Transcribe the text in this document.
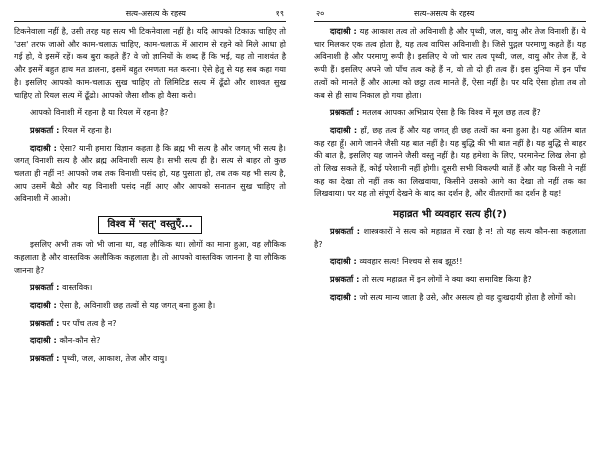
सत्य-असत्य के रहस्य	१९

टिकनेवाला नहीं है, उसी तरह यह सत्य भी टिकनेवाला नहीं है। यदि आपको टिकाऊ चाहिए तो 'उस' तरफ जाओ और काम-चलाऊ चाहिए, काम-चलाऊ में आराम से रहने को मिले आधा हो गई हो, वे इसमें रहें। कब बुरा कहते हैं? वे जो ज्ञानियों के शब्द हैं कि भई, यह तो नाशवंत है और इसमें बहुत हाथ मत डालना, इसमें बहुत रमणता मत करना। ऐसे हेतु से यह सब कहा गया है। इसलिए आपको काम-चलाऊ सुख चाहिए तो लिमिटिड सत्य में ढूँढो और शाश्वत सुख चाहिए तो रियल सत्य में ढूँढो। आपको जैसा शौक हो वैसा करो।

आपको विनाशी में रहना है या रियल में रहना है?

प्रश्नकर्ता : रियल में रहना है।

दादाश्री : ऐसा? यानी हमारा विज्ञान कहता है कि ब्रह्म भी सत्य है और जगत् भी सत्य है। जगत् विनाशी सत्य है और ब्रह्म अविनाशी सत्य है। सभी सत्य ही है। सत्य से बाहर तो कुछ चलता ही नहीं न! आपको जब तक विनाशी पसंद हो, यह पुसाता हो, तब तक यह भी सत्य है, आप उसमें बैठो और यह विनाशी पसंद नहीं आए और आपको सनातन सुख चाहिए तो अविनाशी में आओ।

विश्व में 'सत्' वस्तुएँ...

इसलिए अभी तक जो भी जाना था, वह लौकिक था। लोगों का माना हुआ, वह लौकिक कहलाता है और वास्तविक अलौकिक कहलाता है। तो आपको वास्तविक जानना है या लौकिक जानना है?

प्रश्नकर्ता : वास्तविक।

दादाश्री : ऐसा है, अविनाशी छह तत्वों से यह जगत् बना हुआ है।

प्रश्नकर्ता : पर पाँच तत्व है न?

दादाश्री : कौन-कौन से?

प्रश्नकर्ता : पृथ्वी, जल, आकाश, तेज और वायु।

२०	सत्य-असत्य के रहस्य

दादाश्री : यह आकाश तत्व तो अविनाशी है और पृथ्वी, जल, वायु और तेज विनाशी हैं। ये चार मिलकर एक तत्व होता है, यह तत्व वापिस अविनाशी है। जिसे पुद्गल परमाणु कहते हैं। यह अविनाशी है और परमाणु रूपी है। इसलिए ये जो चार तत्व पृथ्वी, जल, वायु और तेज हैं, वे रूपी हैं। इसलिए अपने जो पाँच तत्व कहे हैं न, वो तो दो ही तत्व हैं। इस दुनिया में इन पाँच तत्वों को मानते हैं और आत्मा को छट्ठा तत्व मानते हैं, ऐसा नहीं है। पर यदि ऐसा होता तब तो कब से ही साथ निकाल हो गया होता।

प्रश्नकर्ता : मतलब आपका अभिप्राय ऐसा है कि विश्व में मूल छह तत्व हैं?

दादाश्री : हाँ, छह तत्व हैं और यह जगत् ही छह तत्वों का बना हुआ है। यह अंतिम बात कह रहा हूँ। आगे जानने जैसी यह बात नहीं है। यह बुद्धि की भी बात नहीं है। यह बुद्धि से बाहर की बात है, इसलिए यह जानने जैसी वस्तु नहीं है। यह हमेशा के लिए, परमानेन्ट लिख लेना हो तो लिख सकते हैं, कोई परेशानी नहीं होगी। दूसरी सभी विकल्पी बातें हैं और यह किसी ने नहीं कह का देखा तो नहीं तक का लिखवाया, किसीने उसको आगे का देखा तो नहीं तक का लिखवाया। पर यह तो संपूर्ण देखने के बाद का दर्शन है, और वीतरागों का दर्शन है यह!

महाव्रत भी व्यवहार सत्य ही(?)

प्रश्नकर्ता : शास्त्रकारों ने सत्य को महाव्रत में रखा है न! तो यह सत्य कौन-सा कहलाता है?

दादाश्री : व्यवहार सत्य! निश्चय से सब झूठ!!

प्रश्नकर्ता : तो सत्य महाव्रत में इन लोगों ने क्या क्या समाविष्ट किया है?

दादाश्री : जो सत्य मान्य जाता है उसे, और असत्य हो वह दुःखदायी होता है लोगों को।
